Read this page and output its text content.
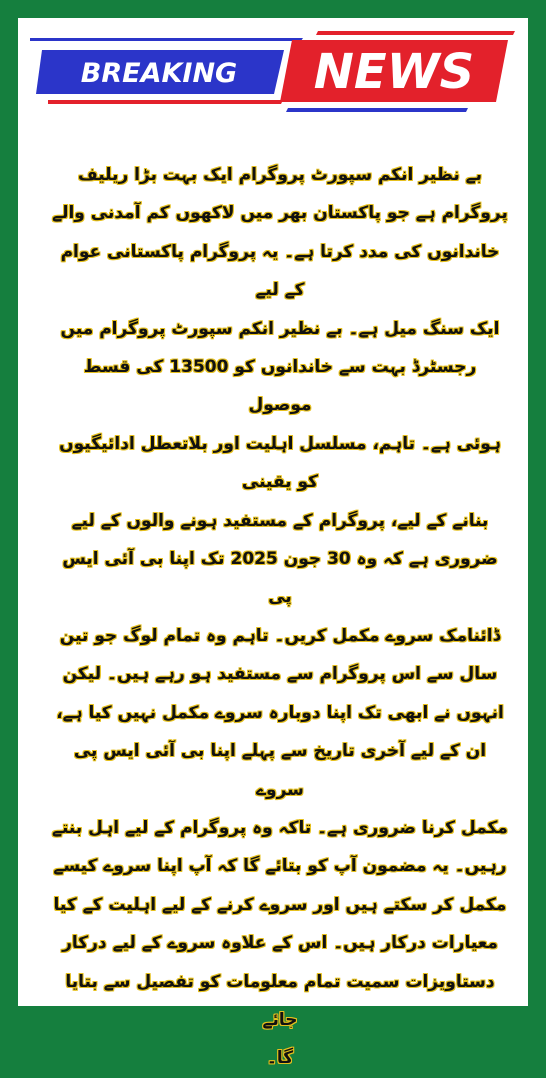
BREAKING NEWS

بے نظیر انکم سپورٹ پروگرام ایک بہت بڑا ریلیف

پروگرام ہے جو پاکستان بھر میں لاکھوں کم آمدنی والے

خاندانوں کی مدد کرتا ہے۔ یہ پروگرام پاکستانی عوام کے لیے

ایک سنگ میل ہے۔ بے نظیر انکم سپورٹ پروگرام میں

رجسٹرڈ بہت سے خاندانوں کو 13500 کی قسط موصول

ہوئی ہے۔ تاہم، مسلسل اہلیت اور بلاتعطل ادائیگیوں کو یقینی

بنانے کے لیے، پروگرام کے مستفید ہونے والوں کے لیے

ضروری ہے کہ وہ 30 جون 2025 تک اپنا بی آئی ایس پی

ڈائنامک سروے مکمل کریں۔ تاہم وہ تمام لوگ جو تین

سال سے اس پروگرام سے مستفید ہو رہے ہیں۔ لیکن

انہوں نے ابھی تک اپنا دوبارہ سروے مکمل نہیں کیا ہے،

ان کے لیے آخری تاریخ سے پہلے اپنا بی آئی ایس پی سروے

مکمل کرنا ضروری ہے۔ تاکہ وہ پروگرام کے لیے اہل بنتے

رہیں۔ یہ مضمون آپ کو بتائے گا کہ آپ اپنا سروے کیسے

مکمل کر سکتے ہیں اور سروے کرنے کے لیے اہلیت کے کیا

معیارات درکار ہیں۔ اس کے علاوہ سروے کے لیے درکار

دستاویزات سمیت تمام معلومات کو تفصیل سے بتایا جائے

گا۔
